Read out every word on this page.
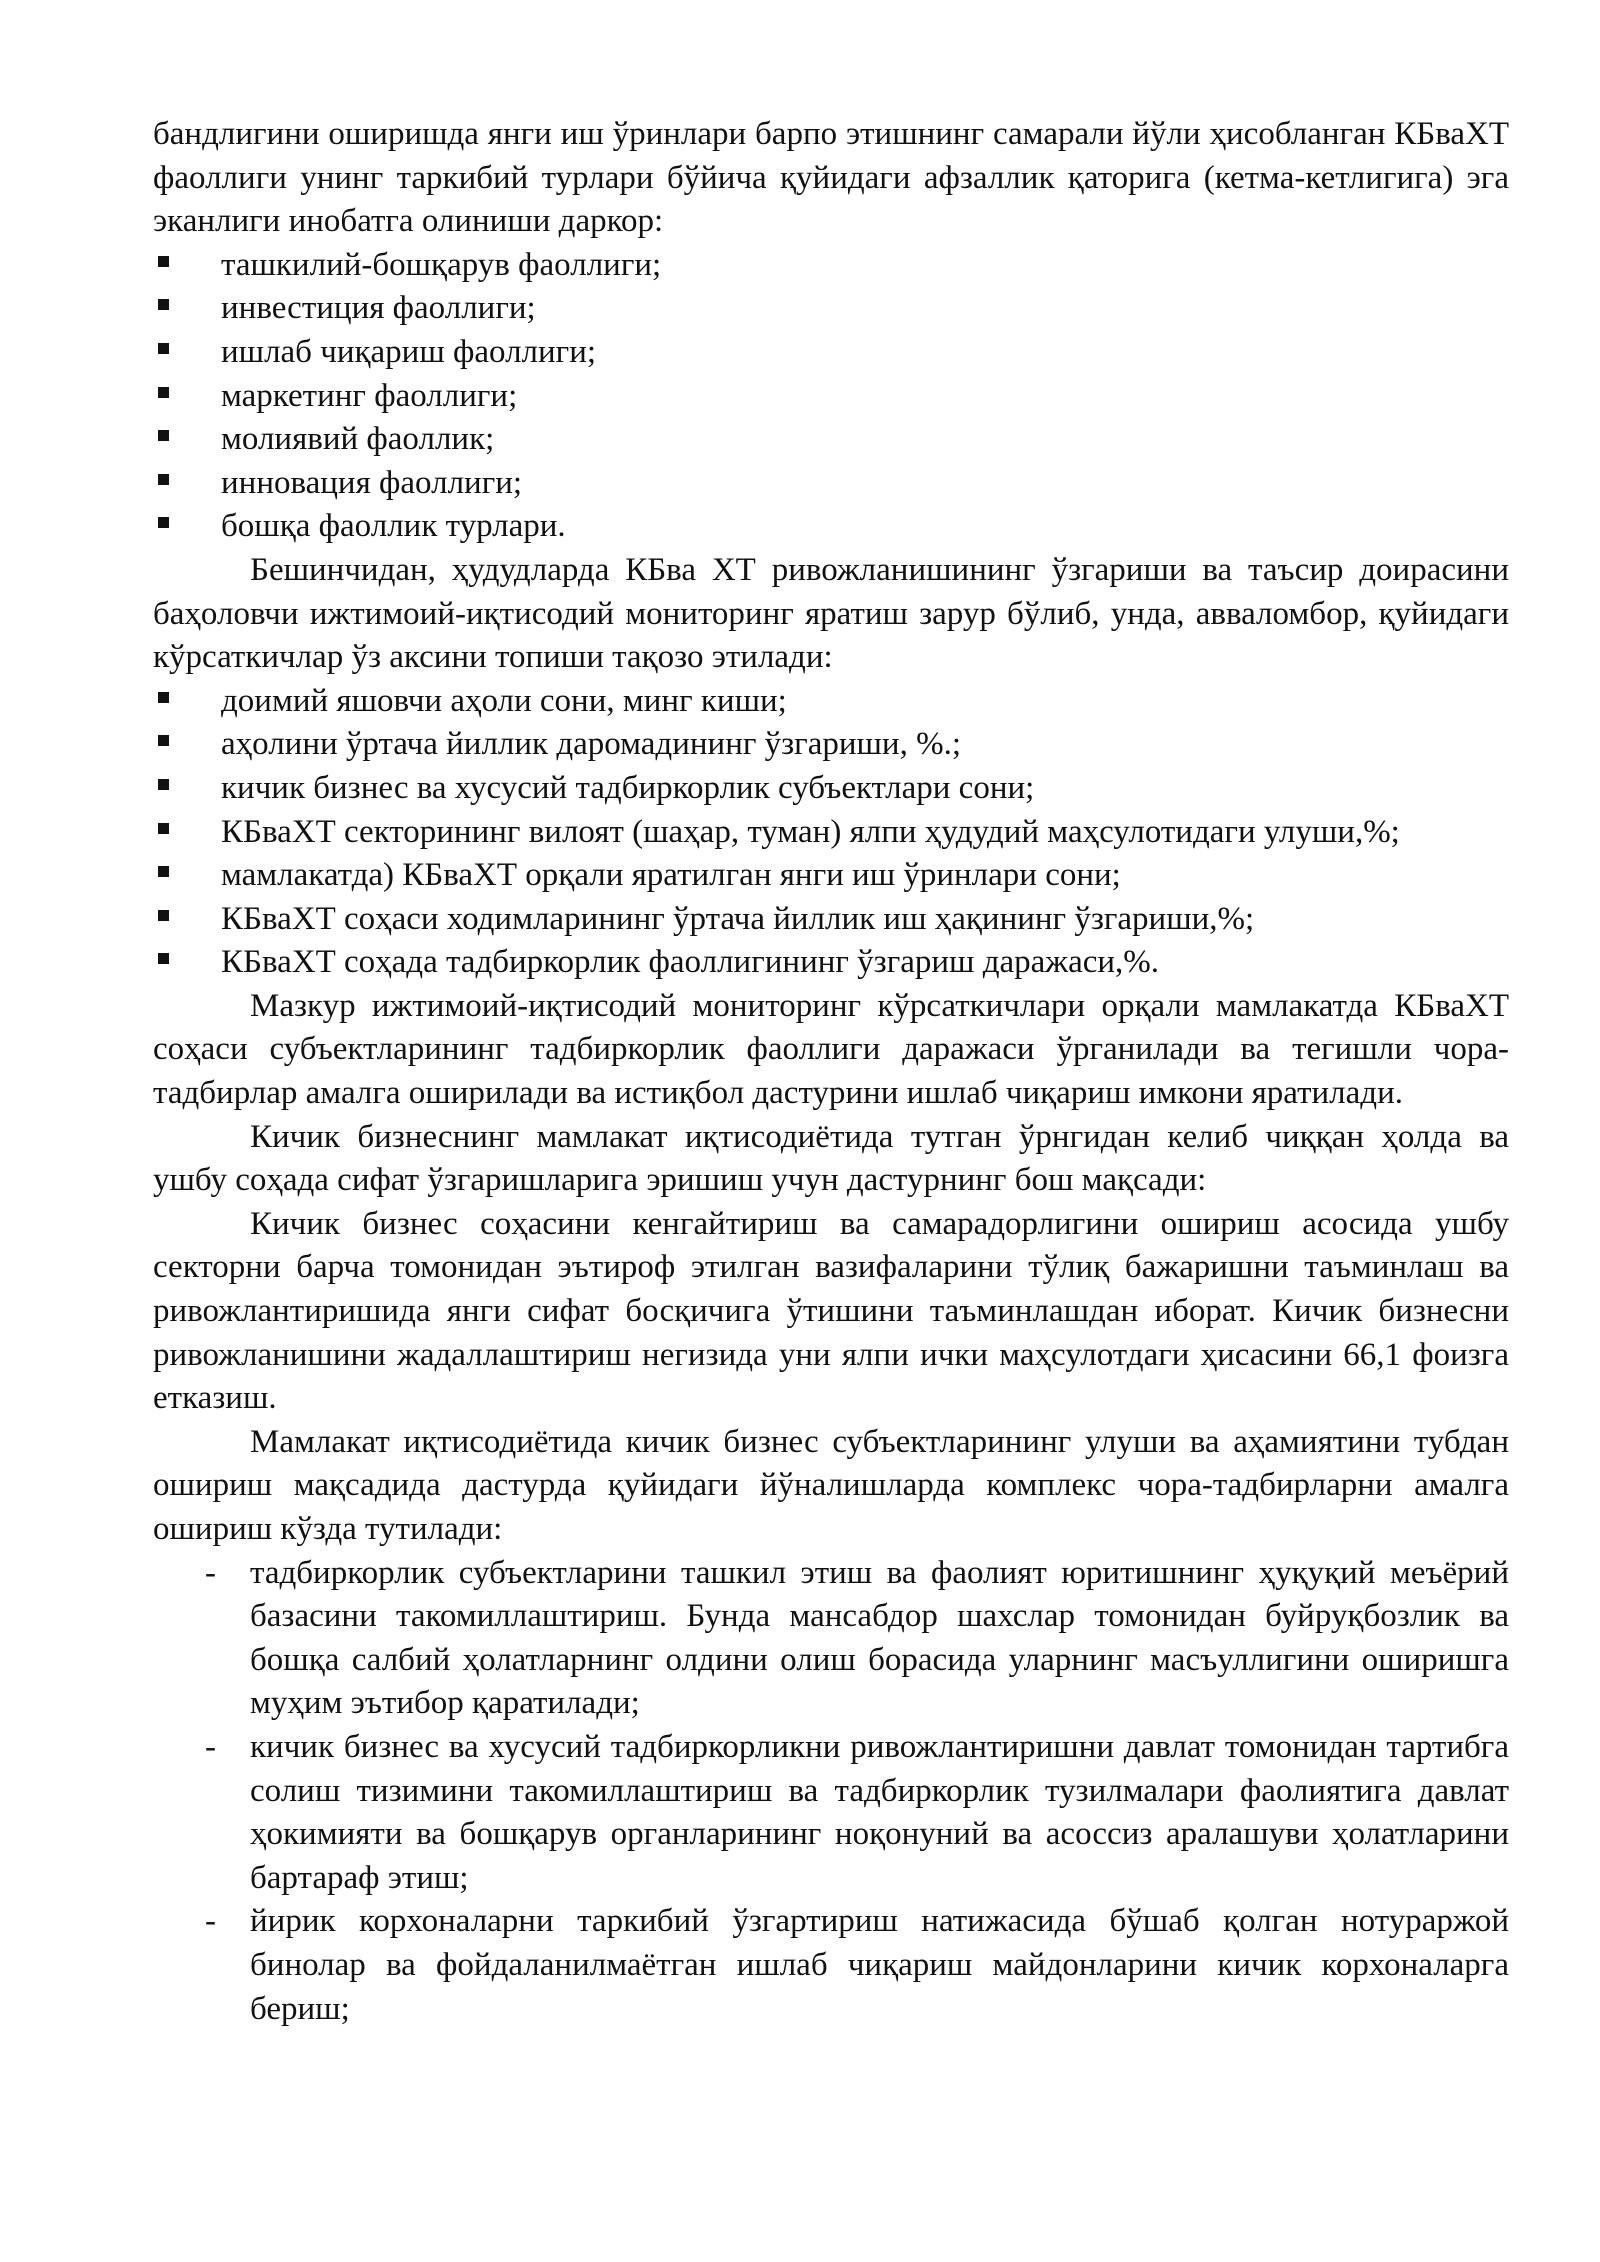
бандлигини оширишда янги иш ўринлари барпо этишнинг самарали йўли ҳисобланган КБваХТ фаоллиги унинг таркибий турлари бўйича қуйидаги афзаллик қаторига (кетма-кетлигига) эга эканлиги инобатга олиниши даркор:

ташкилий-бошқарув фаоллиги;
инвестиция фаоллиги;
ишлаб чиқариш фаоллиги;
маркетинг фаоллиги;
молиявий фаоллик;
инновация фаоллиги;
бошқа фаоллик турлари.

Бешинчидан, ҳудудларда КБва ХТ ривожланишининг ўзгариши ва таъсир доирасини баҳоловчи ижтимоий-иқтисодий мониторинг яратиш зарур бўлиб, унда, авваломбор, қуйидаги кўрсаткичлар ўз аксини топиши тақозо этилади:

доимий яшовчи аҳоли сони, минг киши;
аҳолини ўртача йиллик даромадининг ўзгариши, %.;
кичик бизнес ва хусусий тадбиркорлик субъектлари сони;
КБваХТ секторининг вилоят (шаҳар, туман) ялпи ҳудудий маҳсулотидаги улуши,%;
мамлакатда) КБваХТ орқали яратилган янги иш ўринлари сони;
КБваХТ соҳаси ходимларининг ўртача йиллик иш ҳақининг ўзгариши,%;
КБваХТ соҳада тадбиркорлик фаоллигининг ўзгариш даражаси,%.

Мазкур ижтимоий-иқтисодий мониторинг кўрсаткичлари орқали мамлакатда КБваХТ соҳаси субъектларининг тадбиркорлик фаоллиги даражаси ўрганилади ва тегишли чора-тадбирлар амалга оширилади ва истиқбол дастурини ишлаб чиқариш имкони яратилади.

Кичик бизнеснинг мамлакат иқтисодиётида тутган ўрнгидан келиб чиққан ҳолда ва ушбу соҳада сифат ўзгаришларига эришиш учун дастурнинг бош мақсади:

Кичик бизнес соҳасини кенгайтириш ва самарадорлигини ошириш асосида ушбу секторни барча томонидан эътироф этилган вазифаларини тўлиқ бажаришни таъминлаш ва ривожлантиришида янги сифат босқичига ўтишини таъминлашдан иборат. Кичик бизнесни ривожланишини жадаллаштириш негизида уни ялпи ички маҳсулотдаги ҳисасини 66,1 фоизга етказиш.

Мамлакат иқтисодиётида кичик бизнес субъектларининг улуши ва аҳамиятини тубдан ошириш мақсадида дастурда қуйидаги йўналишларда комплекс чора-тадбирларни амалга ошириш кўзда тутилади:

- тадбиркорлик субъектларини ташкил этиш ва фаолият юритишнинг ҳуқуқий меъёрий базасини такомиллаштириш. Бунда мансабдор шахслар томонидан буйруқбозлик ва бошқа салбий ҳолатларнинг олдини олиш борасида уларнинг масъуллигини оширишга муҳим эътибор қаратилади;
- кичик бизнес ва хусусий тадбиркорликни ривожлантиришни давлат томонидан тартибга солиш тизимини такомиллаштириш ва тадбиркорлик тузилмалари фаолиятига давлат ҳокимияти ва бошқарув органларининг ноқонуний ва асоссиз аралашуви ҳолатларини бартараф этиш;
- йирик корхоналарни таркибий ўзгартириш натижасида бўшаб қолган нотураржой бинолар ва фойдаланилмаётган ишлаб чиқариш майдонларини кичик корхоналарга бериш;
